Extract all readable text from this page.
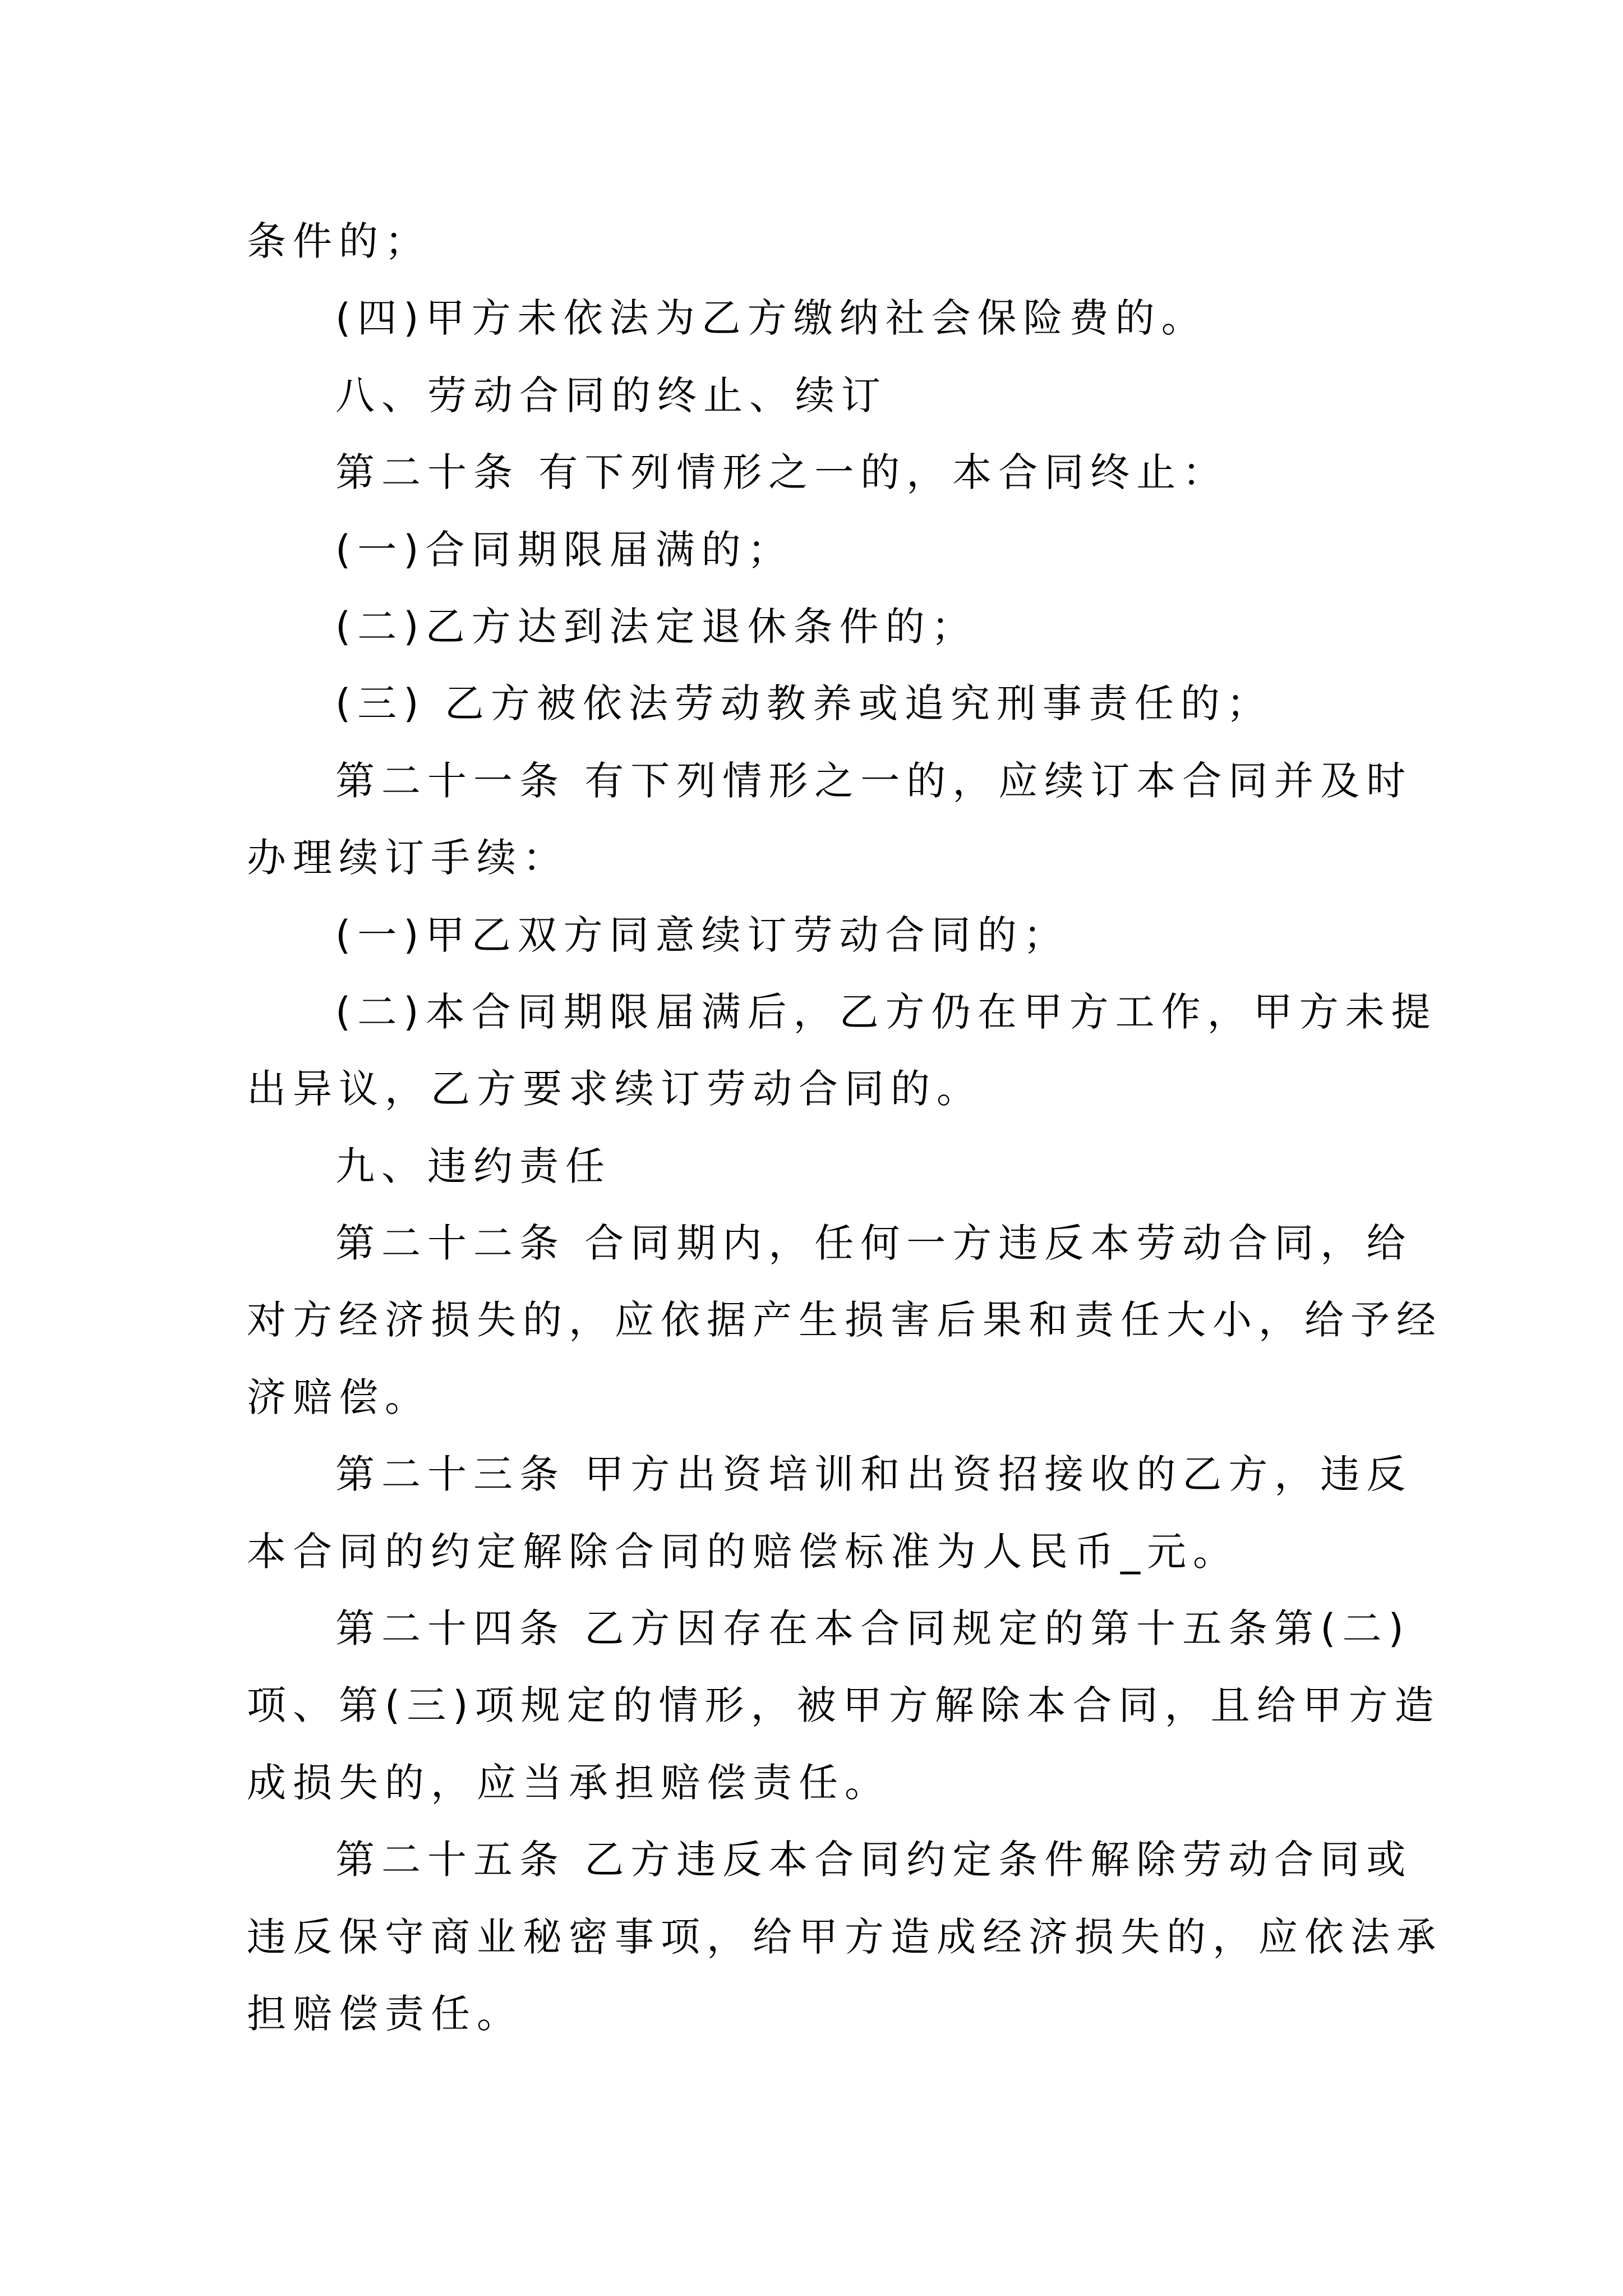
条件的；
(四)甲方未依法为乙方缴纳社会保险费的。
八、劳动合同的终止、续订
第二十条 有下列情形之一的，本合同终止：
(一)合同期限届满的；
(二)乙方达到法定退休条件的；
(三) 乙方被依法劳动教养或追究刑事责任的；
第二十一条 有下列情形之一的，应续订本合同并及时
办理续订手续：
(一)甲乙双方同意续订劳动合同的；
(二)本合同期限届满后，乙方仍在甲方工作，甲方未提
出异议，乙方要求续订劳动合同的。
九、违约责任
第二十二条 合同期内，任何一方违反本劳动合同，给
对方经济损失的，应依据产生损害后果和责任大小，给予经
济赔偿。
第二十三条 甲方出资培训和出资招接收的乙方，违反
本合同的约定解除合同的赔偿标准为人民币_元。
第二十四条 乙方因存在本合同规定的第十五条第(二)
项、第(三)项规定的情形，被甲方解除本合同，且给甲方造
成损失的，应当承担赔偿责任。
第二十五条 乙方违反本合同约定条件解除劳动合同或
违反保守商业秘密事项，给甲方造成经济损失的，应依法承
担赔偿责任。
